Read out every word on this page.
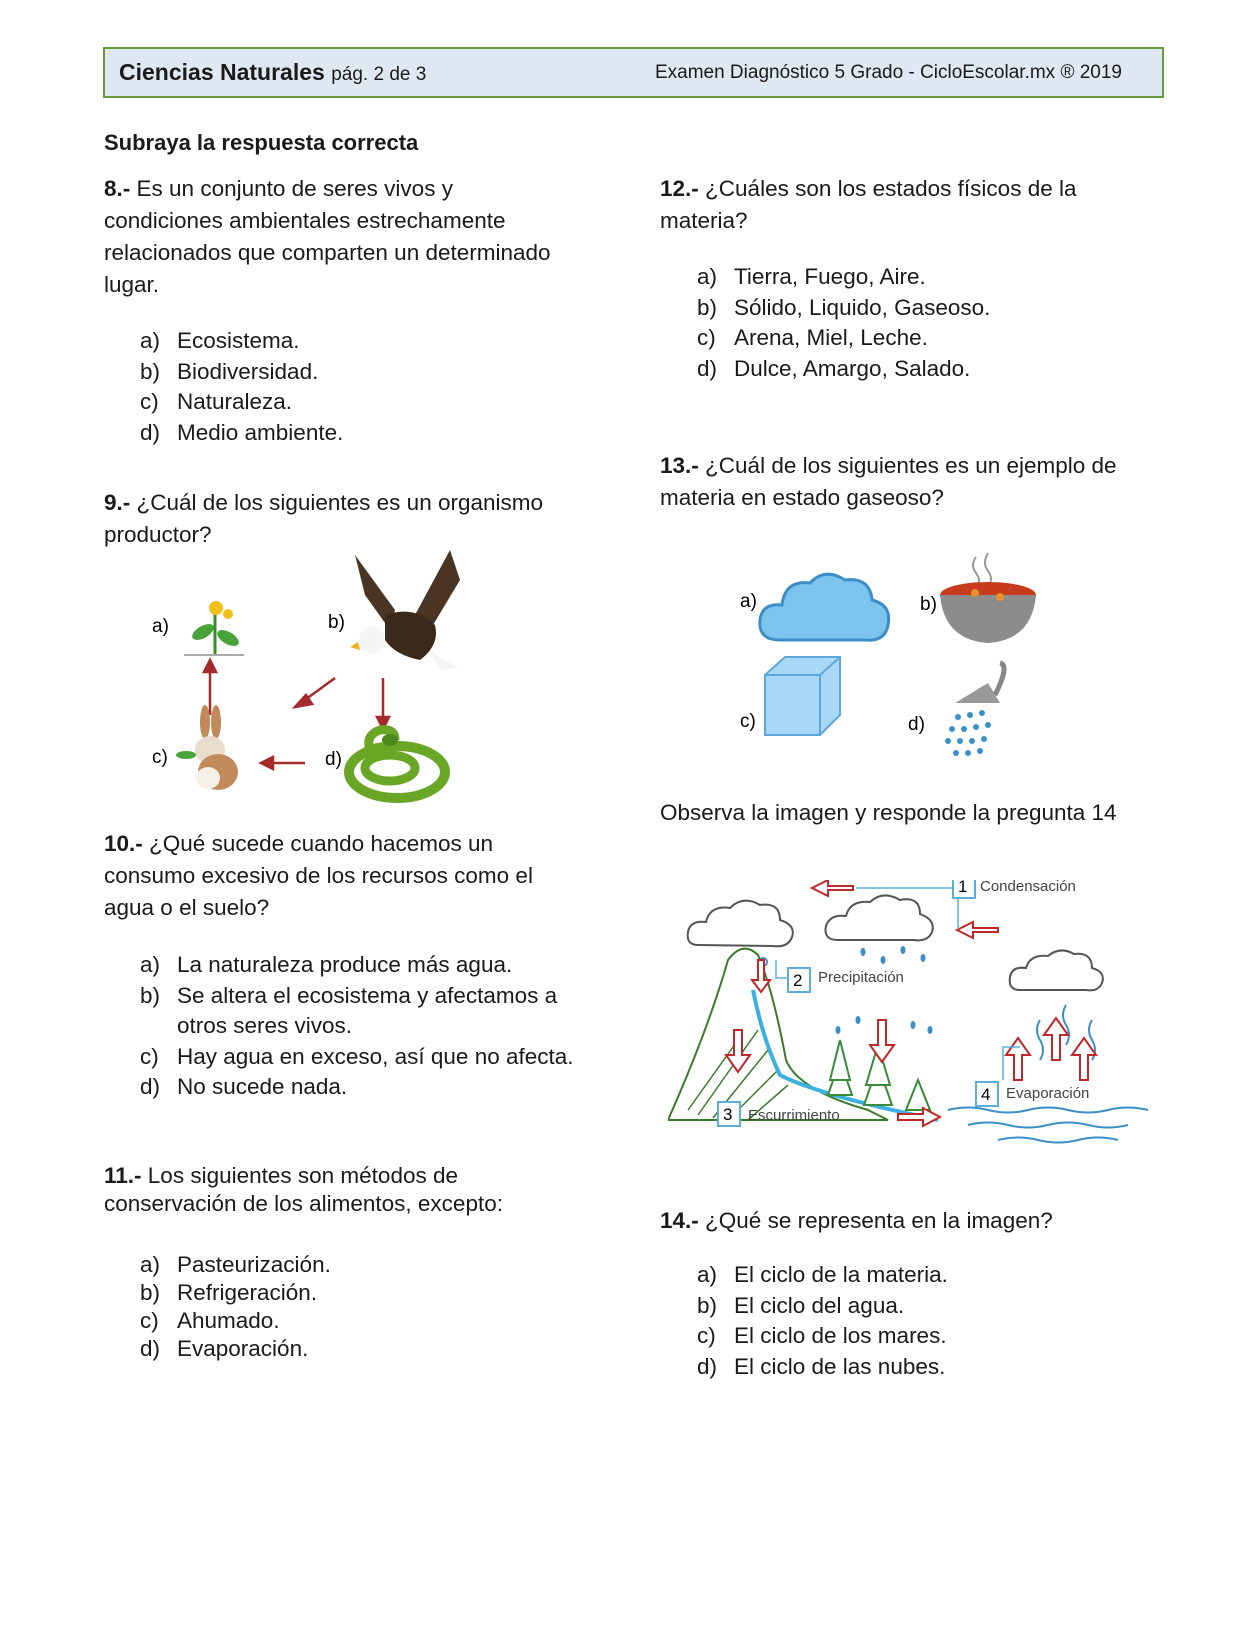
Ciencias Naturales pág. 2 de 3	Examen Diagnóstico 5 Grado - CicloEscolar.mx ® 2019
Subraya la respuesta correcta
8.- Es un conjunto de seres vivos y condiciones ambientales estrechamente relacionados que comparten un determinado lugar.
a) Ecosistema.
b) Biodiversidad.
c) Naturaleza.
d) Medio ambiente.
9.- ¿Cuál de los siguientes es un organismo productor?
a)	b)
c)	d)
10.- ¿Qué sucede cuando hacemos un consumo excesivo de los recursos como el agua o el suelo?
a) La naturaleza produce más agua.
b) Se altera el ecosistema y afectamos a otros seres vivos.
c) Hay agua en exceso, así que no afecta.
d) No sucede nada.
11.- Los siguientes son métodos de conservación de los alimentos, excepto:
a) Pasteurización.
b) Refrigeración.
c) Ahumado.
d) Evaporación.
12.- ¿Cuáles son los estados físicos de la materia?
a) Tierra, Fuego, Aire.
b) Sólido, Liquido, Gaseoso.
c) Arena, Miel, Leche.
d) Dulce, Amargo, Salado.
13.- ¿Cuál de los siguientes es un ejemplo de materia en estado gaseoso?
a)	b)
c)	d)
Observa la imagen y responde la pregunta 14
1 Condensación
2 Precipitación
3 Escurrimiento
4 Evaporación
14.- ¿Qué se representa en la imagen?
a) El ciclo de la materia.
b) El ciclo del agua.
c) El ciclo de los mares.
d) El ciclo de las nubes.
